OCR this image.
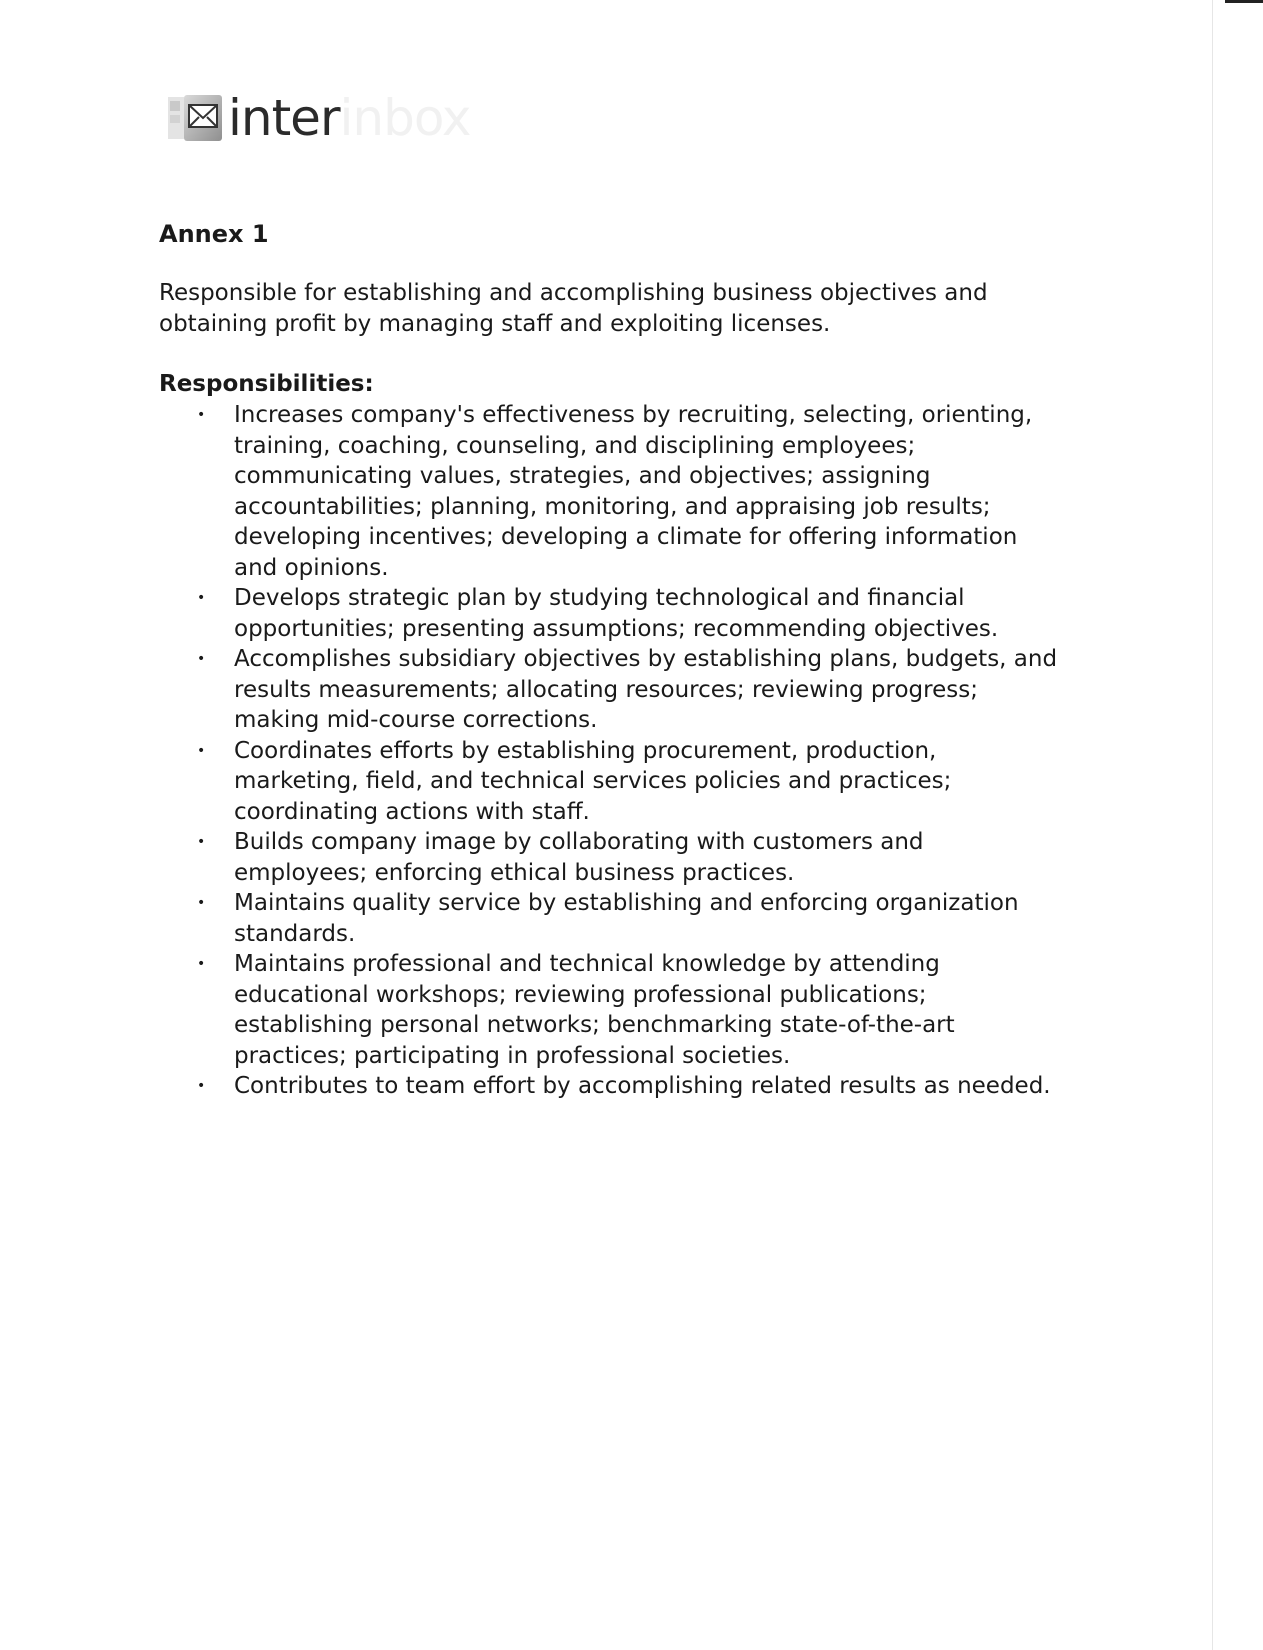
inter inbox
Annex 1

Responsible for establishing and accomplishing business objectives and obtaining profit by managing staff and exploiting licenses.

Responsibilities:
• Increases company's effectiveness by recruiting, selecting, orienting, training, coaching, counseling, and disciplining employees; communicating values, strategies, and objectives; assigning accountabilities; planning, monitoring, and appraising job results; developing incentives; developing a climate for offering information and opinions.
• Develops strategic plan by studying technological and financial opportunities; presenting assumptions; recommending objectives.
• Accomplishes subsidiary objectives by establishing plans, budgets, and results measurements; allocating resources; reviewing progress; making mid-course corrections.
• Coordinates efforts by establishing procurement, production, marketing, field, and technical services policies and practices; coordinating actions with staff.
• Builds company image by collaborating with customers and employees; enforcing ethical business practices.
• Maintains quality service by establishing and enforcing organization standards.
• Maintains professional and technical knowledge by attending educational workshops; reviewing professional publications; establishing personal networks; benchmarking state-of-the-art practices; participating in professional societies.
• Contributes to team effort by accomplishing related results as needed.
